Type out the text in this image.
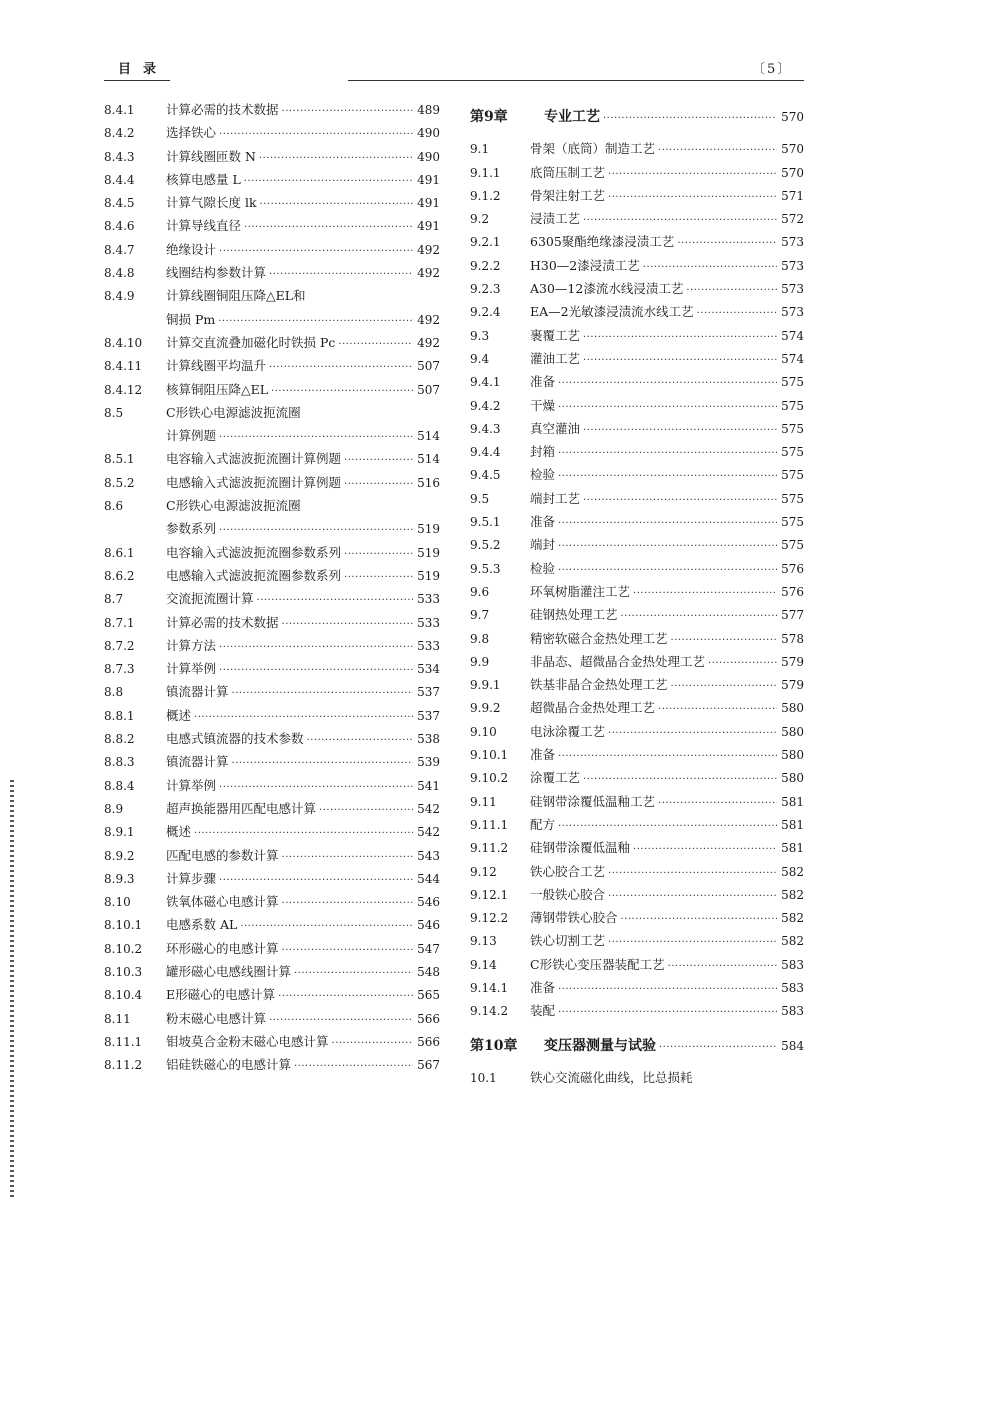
目录	〔5〕
8.4.1	计算必需的技术数据 ·····	489
8.4.2	选择铁心 ·····	490
8.4.3	计算线圈匝数 N ·····	490
8.4.4	核算电感量 L ·····	491
8.4.5	计算气隙长度 lk ·····	491
8.4.6	计算导线直径 ·····	491
8.4.7	绝缘设计 ·····	492
8.4.8	线圈结构参数计算 ·····	492
8.4.9	计算线圈铜阻压降△EL和
铜损 Pm ·····	492
8.4.10	计算交直流叠加磁化时铁损 Pc ·····	492
8.4.11	计算线圈平均温升 ·····	507
8.4.12	核算铜阻压降△EL ·····	507
8.5	C形铁心电源滤波扼流圈
计算例题 ·····	514
8.5.1	电容输入式滤波扼流圈计算例题 ·····	514
8.5.2	电感输入式滤波扼流圈计算例题 ·····	516
8.6	C形铁心电源滤波扼流圈
参数系列 ·····	519
8.6.1	电容输入式滤波扼流圈参数系列 ·····	519
8.6.2	电感输入式滤波扼流圈参数系列 ·····	519
8.7	交流扼流圈计算 ·····	533
8.7.1	计算必需的技术数据 ·····	533
8.7.2	计算方法 ·····	533
8.7.3	计算举例 ·····	534
8.8	镇流器计算 ·····	537
8.8.1	概述 ·····	537
8.8.2	电感式镇流器的技术参数 ·····	538
8.8.3	镇流器计算 ·····	539
8.8.4	计算举例 ·····	541
8.9	超声换能器用匹配电感计算 ·····	542
8.9.1	概述 ·····	542
8.9.2	匹配电感的参数计算 ·····	543
8.9.3	计算步骤 ·····	544
8.10	铁氧体磁心电感计算 ·····	546
8.10.1	电感系数 AL ·····	546
8.10.2	环形磁心的电感计算 ·····	547
8.10.3	罐形磁心电感线圈计算 ·····	548
8.10.4	E形磁心的电感计算 ·····	565
8.11	粉末磁心电感计算 ·····	566
8.11.1	钼坡莫合金粉末磁心电感计算 ·····	566
8.11.2	铝硅铁磁心的电感计算 ·····	567
第9章	专业工艺 ·····	570
9.1	骨架（底筒）制造工艺 ·····	570
9.1.1	底筒压制工艺 ·····	570
9.1.2	骨架注射工艺 ·····	571
9.2	浸渍工艺 ·····	572
9.2.1	6305聚酯绝缘漆浸渍工艺 ·····	573
9.2.2	H30—2漆浸渍工艺 ·····	573
9.2.3	A30—12漆流水线浸渍工艺 ·····	573
9.2.4	EA—2光敏漆浸渍流水线工艺 ·····	573
9.3	裹覆工艺 ·····	574
9.4	灌油工艺 ·····	574
9.4.1	准备 ·····	575
9.4.2	干燥 ·····	575
9.4.3	真空灌油 ·····	575
9.4.4	封箱 ·····	575
9.4.5	检验 ·····	575
9.5	端封工艺 ·····	575
9.5.1	准备 ·····	575
9.5.2	端封 ·····	575
9.5.3	检验 ·····	576
9.6	环氧树脂灌注工艺 ·····	576
9.7	硅钢热处理工艺 ·····	577
9.8	精密软磁合金热处理工艺 ·····	578
9.9	非晶态、超微晶合金热处理工艺 ·····	579
9.9.1	铁基非晶合金热处理工艺 ·····	579
9.9.2	超微晶合金热处理工艺 ·····	580
9.10	电泳涂覆工艺 ·····	580
9.10.1	准备 ·····	580
9.10.2	涂覆工艺 ·····	580
9.11	硅钢带涂覆低温釉工艺 ·····	581
9.11.1	配方 ·····	581
9.11.2	硅钢带涂覆低温釉 ·····	581
9.12	铁心胶合工艺 ·····	582
9.12.1	一般铁心胶合 ·····	582
9.12.2	薄钢带铁心胶合 ·····	582
9.13	铁心切割工艺 ·····	582
9.14	C形铁心变压器装配工艺 ·····	583
9.14.1	准备 ·····	583
9.14.2	装配 ·····	583
第10章	变压器测量与试验 ·····	584
10.1	铁心交流磁化曲线，比总损耗
